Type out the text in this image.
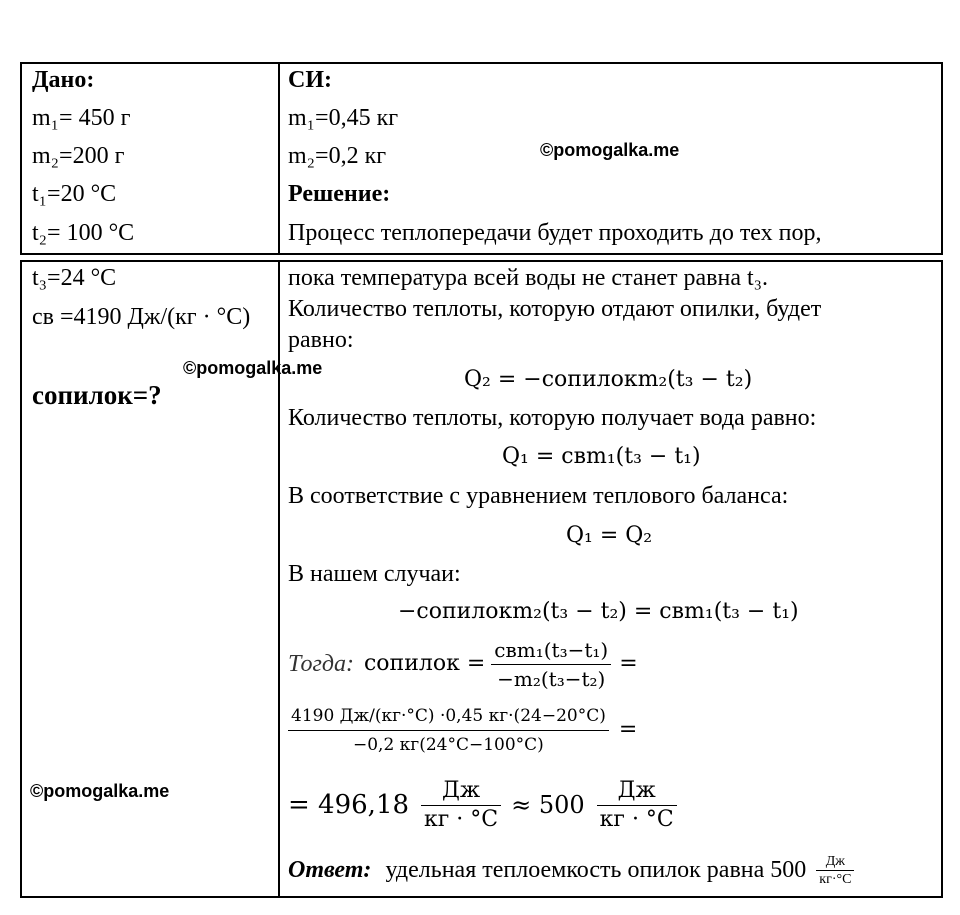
Дано:
m₁= 450 г
m₂=200 г
t₁=20 °C
t₂= 100 °C
t₃=24 °C
cв =4190 Дж/(кг · °С)
cопилок=?
СИ:
m₁=0,45 кг
m₂=0,2 кг
Решение:
Процесс теплопередачи будет проходить до тех пор,
пока температура всей воды не станет равна t₃.
Количество теплоты, которую отдают опилки, будет
равно:
Q₂ = −cопилокm₂(t₃ − t₂)
Количество теплоты, которую получает вода равно:
Q₁ = cвm₁(t₃ − t₁)
В соответствие с уравнением теплового баланса:
Q₁ = Q₂
В нашем случаи:
−cопилокm₂(t₃ − t₂) = cвm₁(t₃ − t₁)
Тогда: cопилок = $\frac{\text{cвm₁(t₃−t₁)}}{\text{−m₂(t₃−t₂)}}$ =
$\frac{4190 Дж/(кг\cdot^\circ С) \cdot 0,45 кг\cdot(24-20^\circ С)}{-0,2 кг(24^\circ С-100^\circ С)}$ =
= $496,18 \frac{Дж}{кг \cdot ^\circ С} \approx 500 \frac{Дж}{кг \cdot ^\circ С}$
Ответ: удельная теплоемкость опилок равна $500 \frac{Дж}{кг\cdot^\circ С}$
©pomogalka.me
©pomogalka.me
©pomogalka.me
